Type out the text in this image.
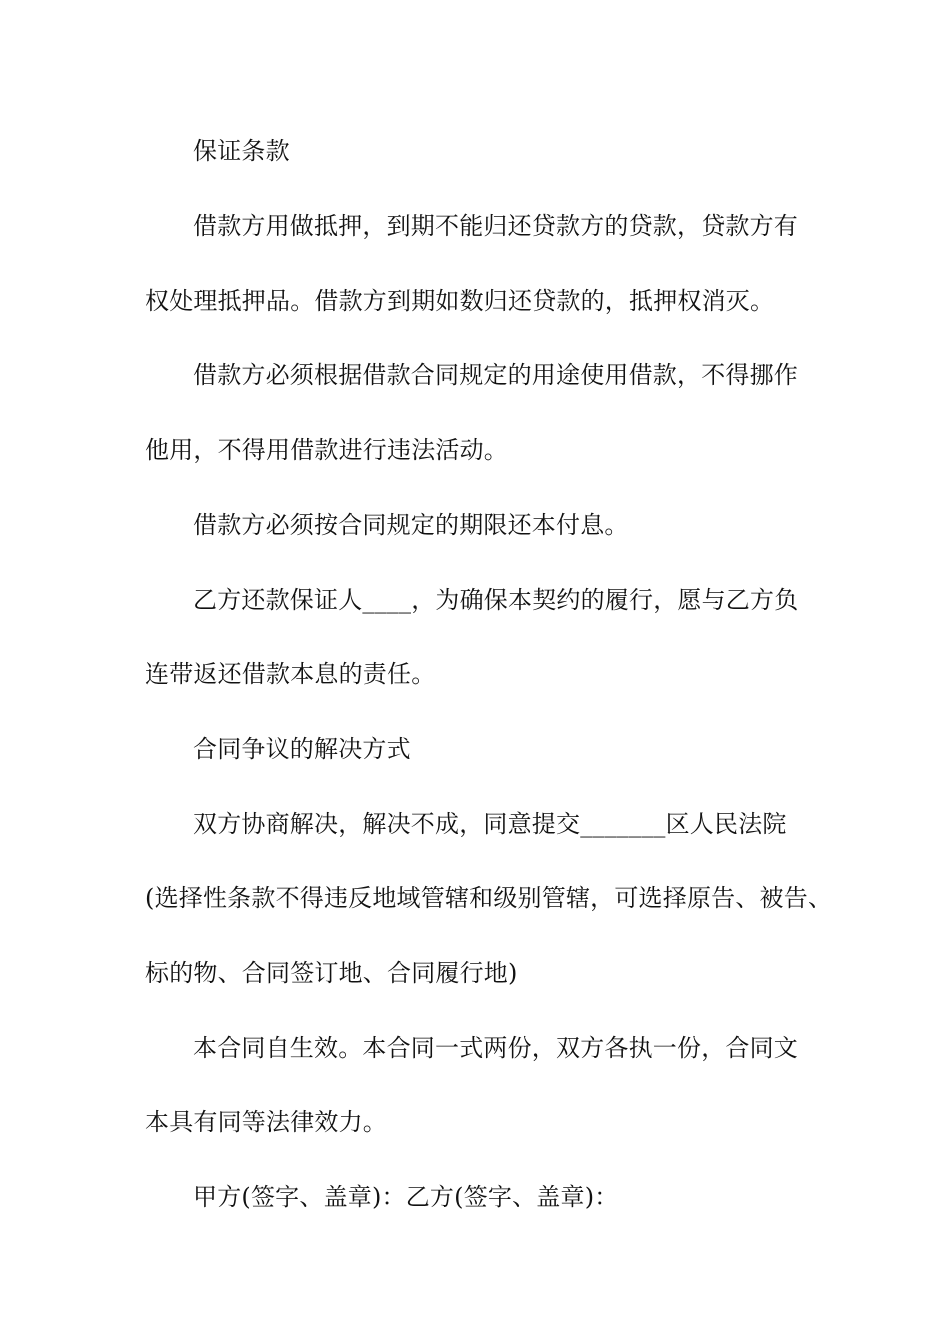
保证条款
借款方用做抵押，到期不能归还贷款方的贷款，贷款方有
权处理抵押品。借款方到期如数归还贷款的，抵押权消灭。
借款方必须根据借款合同规定的用途使用借款，不得挪作
他用，不得用借款进行违法活动。
借款方必须按合同规定的期限还本付息。
乙方还款保证人____，为确保本契约的履行，愿与乙方负
连带返还借款本息的责任。
合同争议的解决方式
双方协商解决，解决不成，同意提交_______区人民法院
(选择性条款不得违反地域管辖和级别管辖，可选择原告、被告、
标的物、合同签订地、合同履行地)
本合同自生效。本合同一式两份，双方各执一份，合同文
本具有同等法律效力。
甲方(签字、盖章)：乙方(签字、盖章)：
